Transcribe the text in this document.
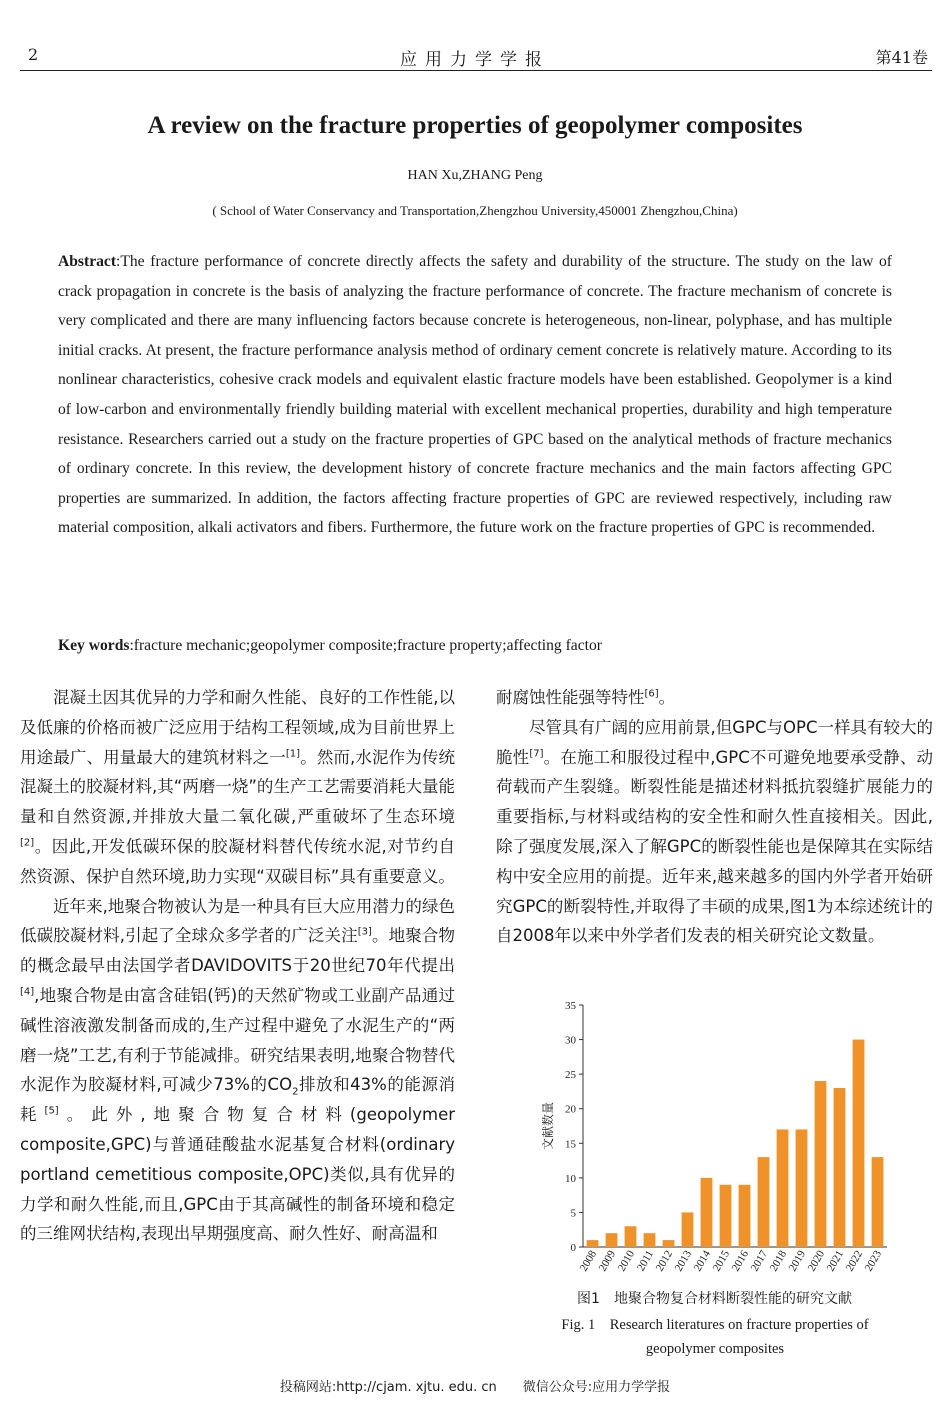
2	应用力学学报	第41卷
A review on the fracture properties of geopolymer composites
HAN Xu,ZHANG Peng
( School of Water Conservancy and Transportation,Zhengzhou University,450001 Zhengzhou,China)
Abstract:The fracture performance of concrete directly affects the safety and durability of the structure. The study on the law of crack propagation in concrete is the basis of analyzing the fracture performance of concrete. The fracture mechanism of concrete is very complicated and there are many influencing factors because concrete is heterogeneous, non-linear, polyphase, and has multiple initial cracks. At present, the fracture performance analysis method of ordinary cement concrete is relatively mature. According to its nonlinear characteristics, cohesive crack models and equivalent elastic fracture models have been established. Geopolymer is a kind of low-carbon and environmentally friendly building material with excellent mechanical properties, durability and high temperature resistance. Researchers carried out a study on the fracture properties of GPC based on the analytical methods of fracture mechanics of ordinary concrete. In this review, the development history of concrete fracture mechanics and the main factors affecting GPC properties are summarized. In addition, the factors affecting fracture properties of GPC are reviewed respectively, including raw material composition, alkali activators and fibers. Furthermore, the future work on the fracture properties of GPC is recommended.
Key words:fracture mechanic;geopolymer composite;fracture property;affecting factor

混凝土因其优异的力学和耐久性能、良好的工作性能,以及低廉的价格而被广泛应用于结构工程领域,成为目前世界上用途最广、用量最大的建筑材料之一[1]。然而,水泥作为传统混凝土的胶凝材料,其“两磨一烧”的生产工艺需要消耗大量能量和自然资源,并排放大量二氧化碳,严重破坏了生态环境[2]。因此,开发低碳环保的胶凝材料替代传统水泥,对节约自然资源、保护自然环境,助力实现“双碳目标”具有重要意义。

近年来,地聚合物被认为是一种具有巨大应用潜力的绿色低碳胶凝材料,引起了全球众多学者的广泛关注[3]。地聚合物的概念最早由法国学者DAVIDOVITS于20世纪70年代提出[4],地聚合物是由富含硅铝(钙)的天然矿物或工业副产品通过碱性溶液激发制备而成的,生产过程中避免了水泥生产的“两磨一烧”工艺,有利于节能减排。研究结果表明,地聚合物替代水泥作为胶凝材料,可减少73%的$CO_2$排放和43%的能源消耗[5]。此外,地聚合物复合材料(geopolymer composite,GPC)与普通硅酸盐水泥基复合材料(ordinary portland cemetitious composite,OPC)类似,具有优异的力学和耐久性能,而且,GPC由于其高碱性的制备环境和稳定的三维网状结构,表现出早期强度高、耐久性好、耐高温和

耐腐蚀性能强等特性[6]。

尽管具有广阔的应用前景,但GPC与OPC一样具有较大的脆性[7]。在施工和服役过程中,GPC不可避免地要承受静、动荷载而产生裂缝。断裂性能是描述材料抵抗裂缝扩展能力的重要指标,与材料或结构的安全性和耐久性直接相关。因此,除了强度发展,深入了解GPC的断裂性能也是保障其在实际结构中安全应用的前提。近年来,越来越多的国内外学者开始研究GPC的断裂特性,并取得了丰硕的成果,图1为本综述统计的自2008年以来中外学者们发表的相关研究论文数量。

0
5
10
15
20
25
30
35
文献数量
2008
2009
2010
2011
2012
2013
2014
2015
2016
2017
2018
2019
2020
2021
2022
2023
图1　地聚合物复合材料断裂性能的研究文献
Fig. 1　Research literatures on fracture properties of geopolymer composites
投稿网站:http://cjam. xjtu. edu. cn　　微信公众号:应用力学学报
